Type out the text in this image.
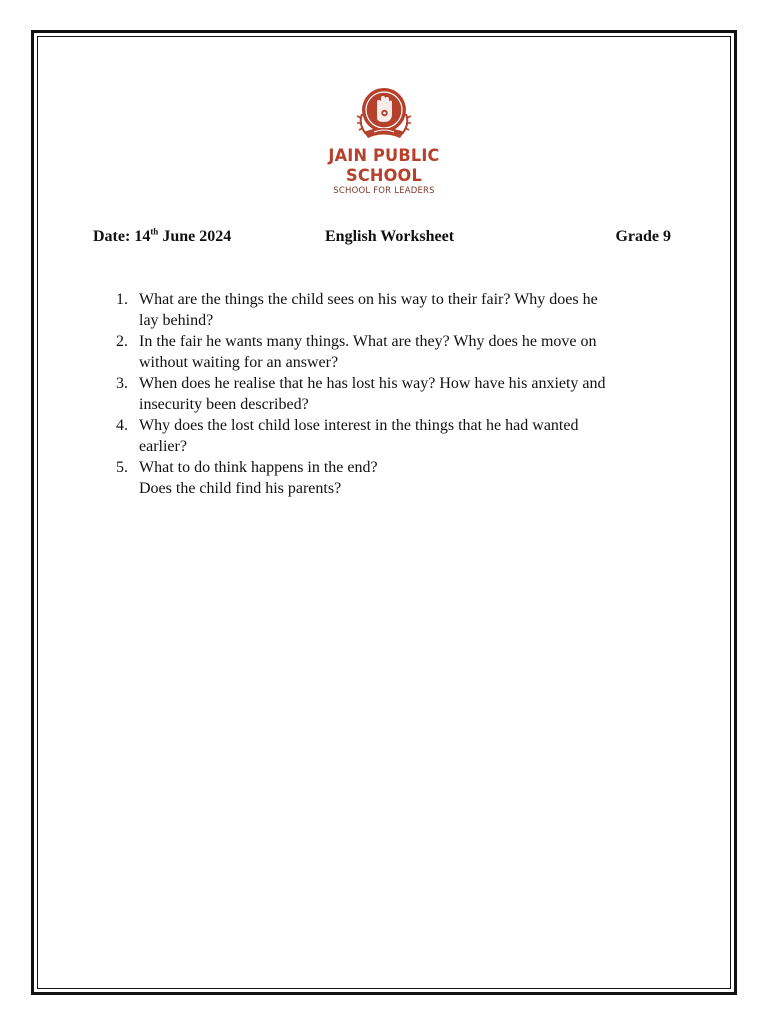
JAIN PUBLIC SCHOOL
SCHOOL FOR LEADERS
Date: 14th June 2024	English Worksheet	Grade 9
1. What are the things the child sees on his way to their fair? Why does he
lay behind?
2. In the fair he wants many things. What are they? Why does he move on
without waiting for an answer?
3. When does he realise that he has lost his way? How have his anxiety and
insecurity been described?
4. Why does the lost child lose interest in the things that he had wanted
earlier?
5. What to do think happens in the end?
Does the child find his parents?
